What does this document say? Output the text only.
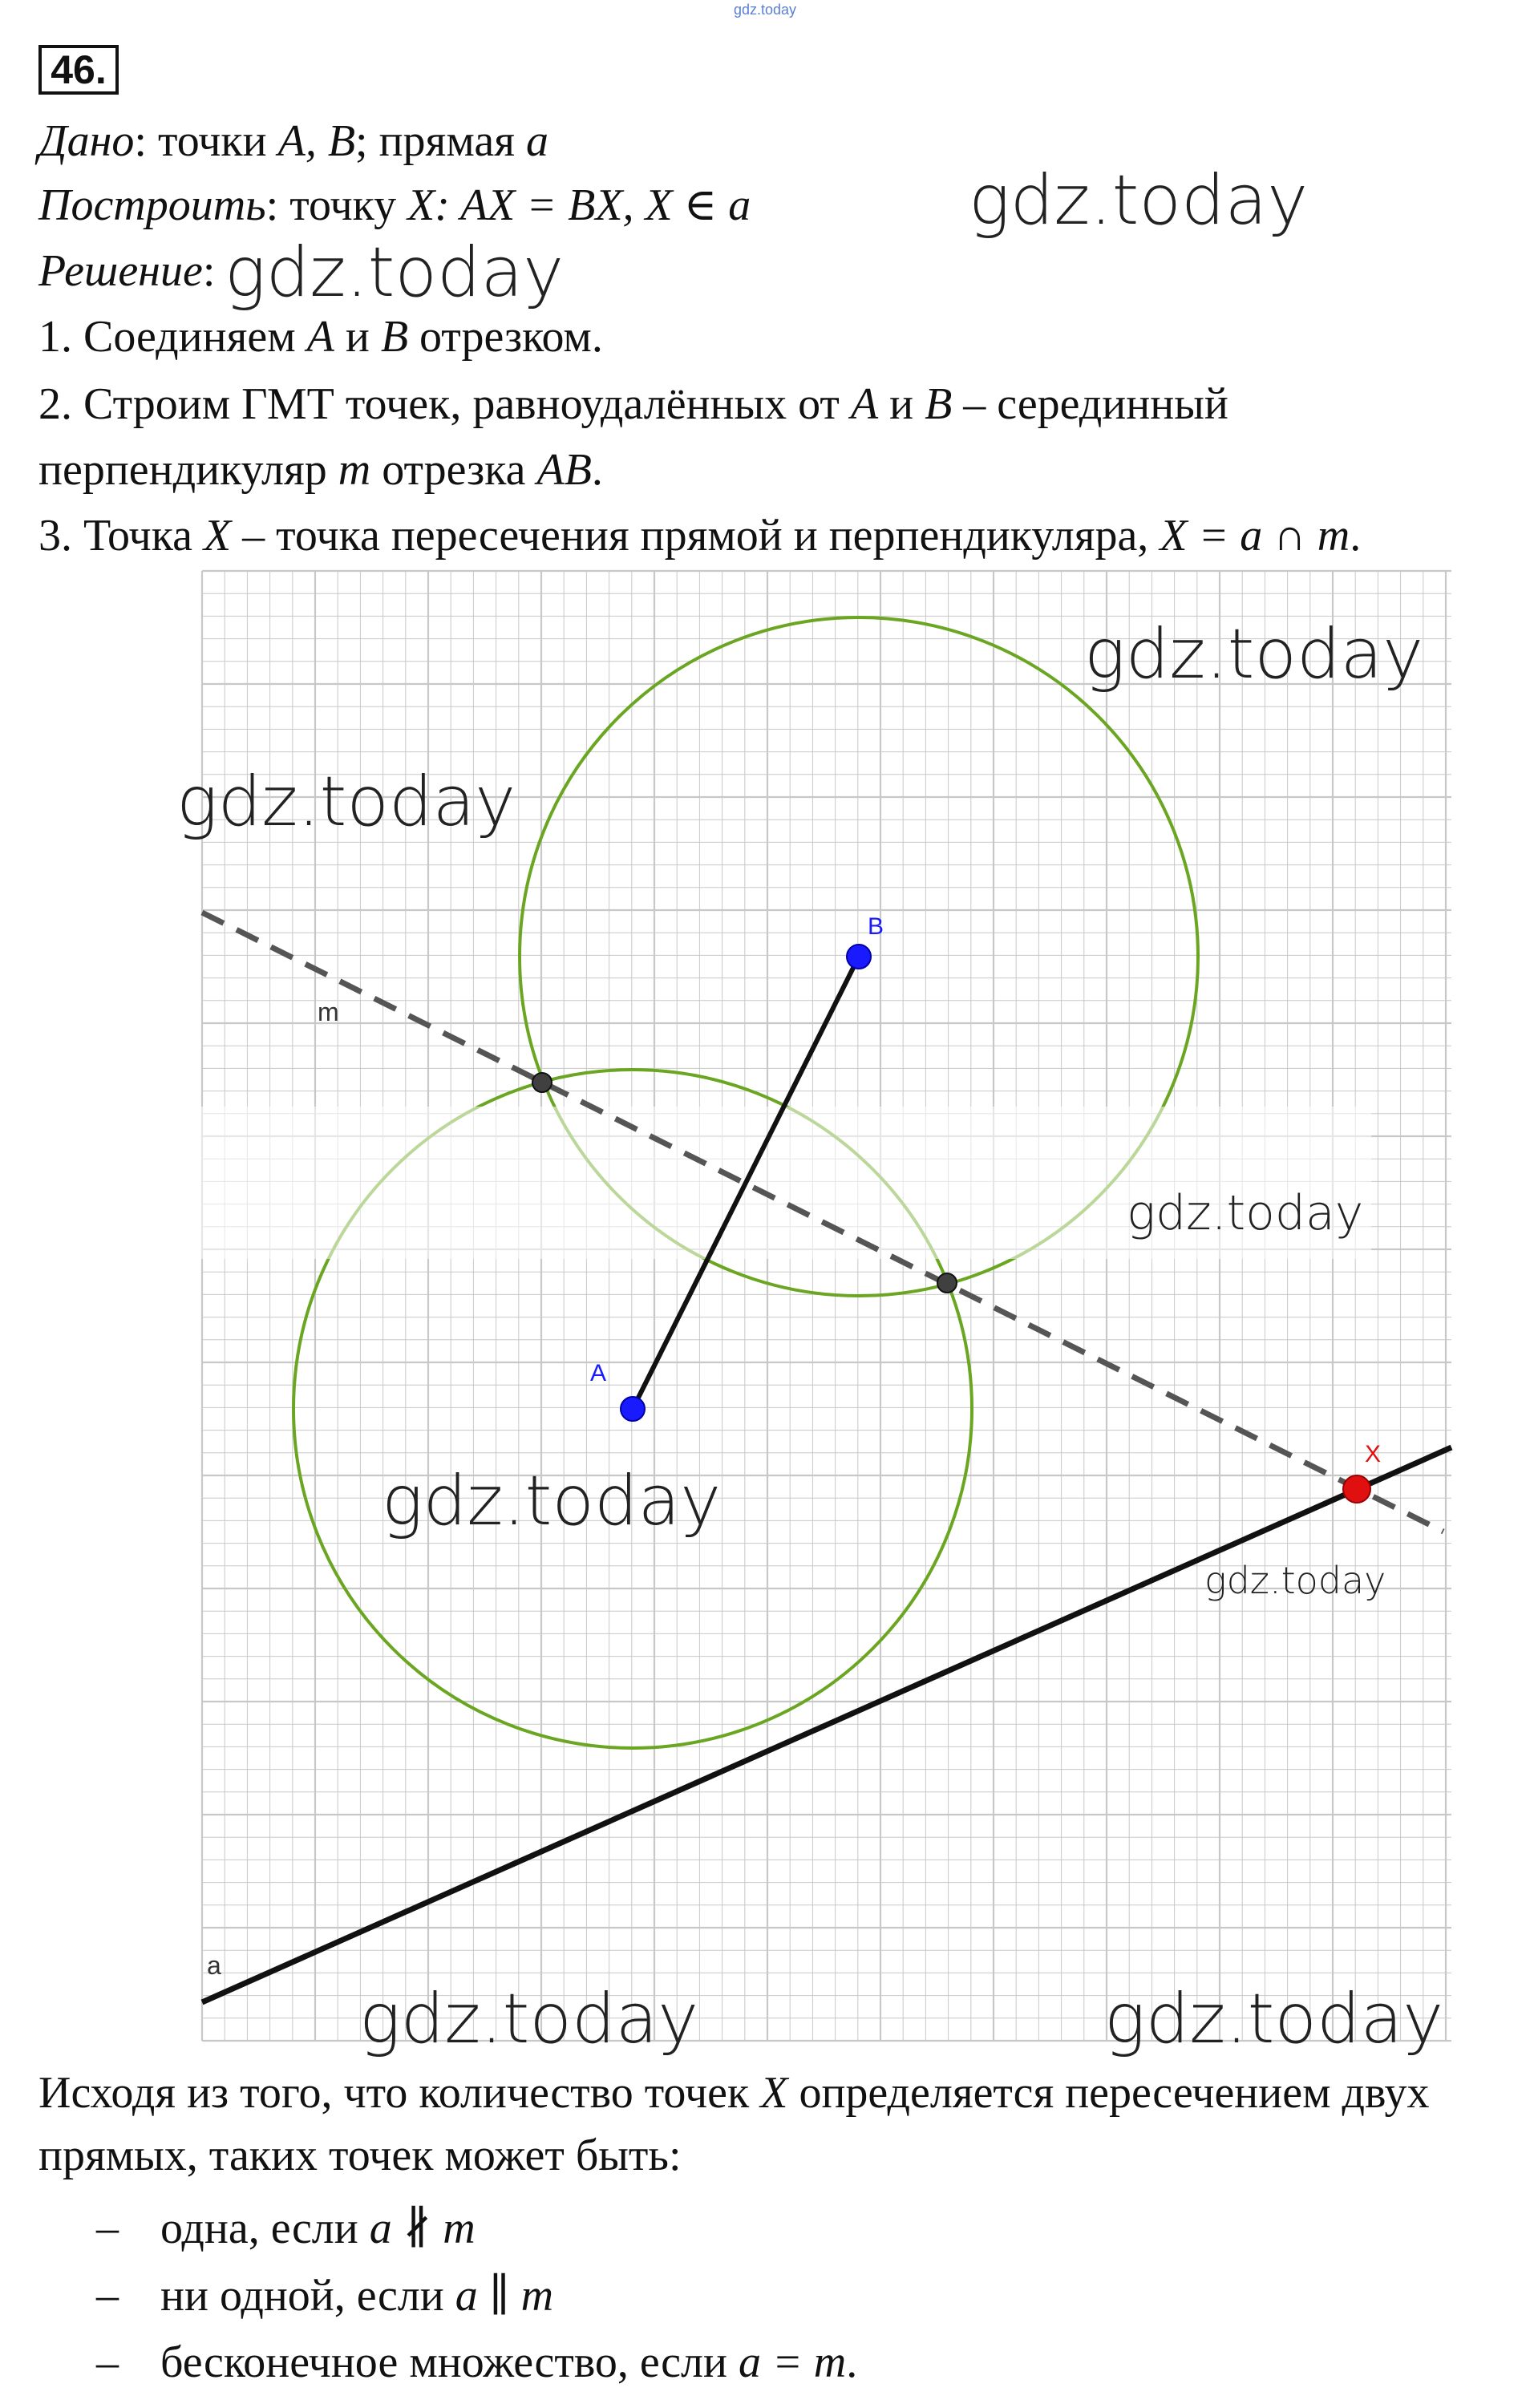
gdz.today
46.
Дано: точки A, B; прямая a
Построить: точку X: AX = BX, X ∈ a
Решение:
1. Соединяем A и B отрезком.
2. Строим ГМТ точек, равноудалённых от A и B – серединный
перпендикуляр m отрезка AB.
3. Точка X – точка пересечения прямой и перпендикуляра, X = a ∩ m.
A
B
X
m
a
gdz.today
gdz.today
gdz.today
gdz.today
gdz.today
gdz.today
gdz.today
gdz.today	gdz.today
Исходя из того, что количество точек X определяется пересечением двух
прямых, таких точек может быть:
– одна, если a ∦ m
– ни одной, если a ∥ m
– бесконечное множество, если a = m.
